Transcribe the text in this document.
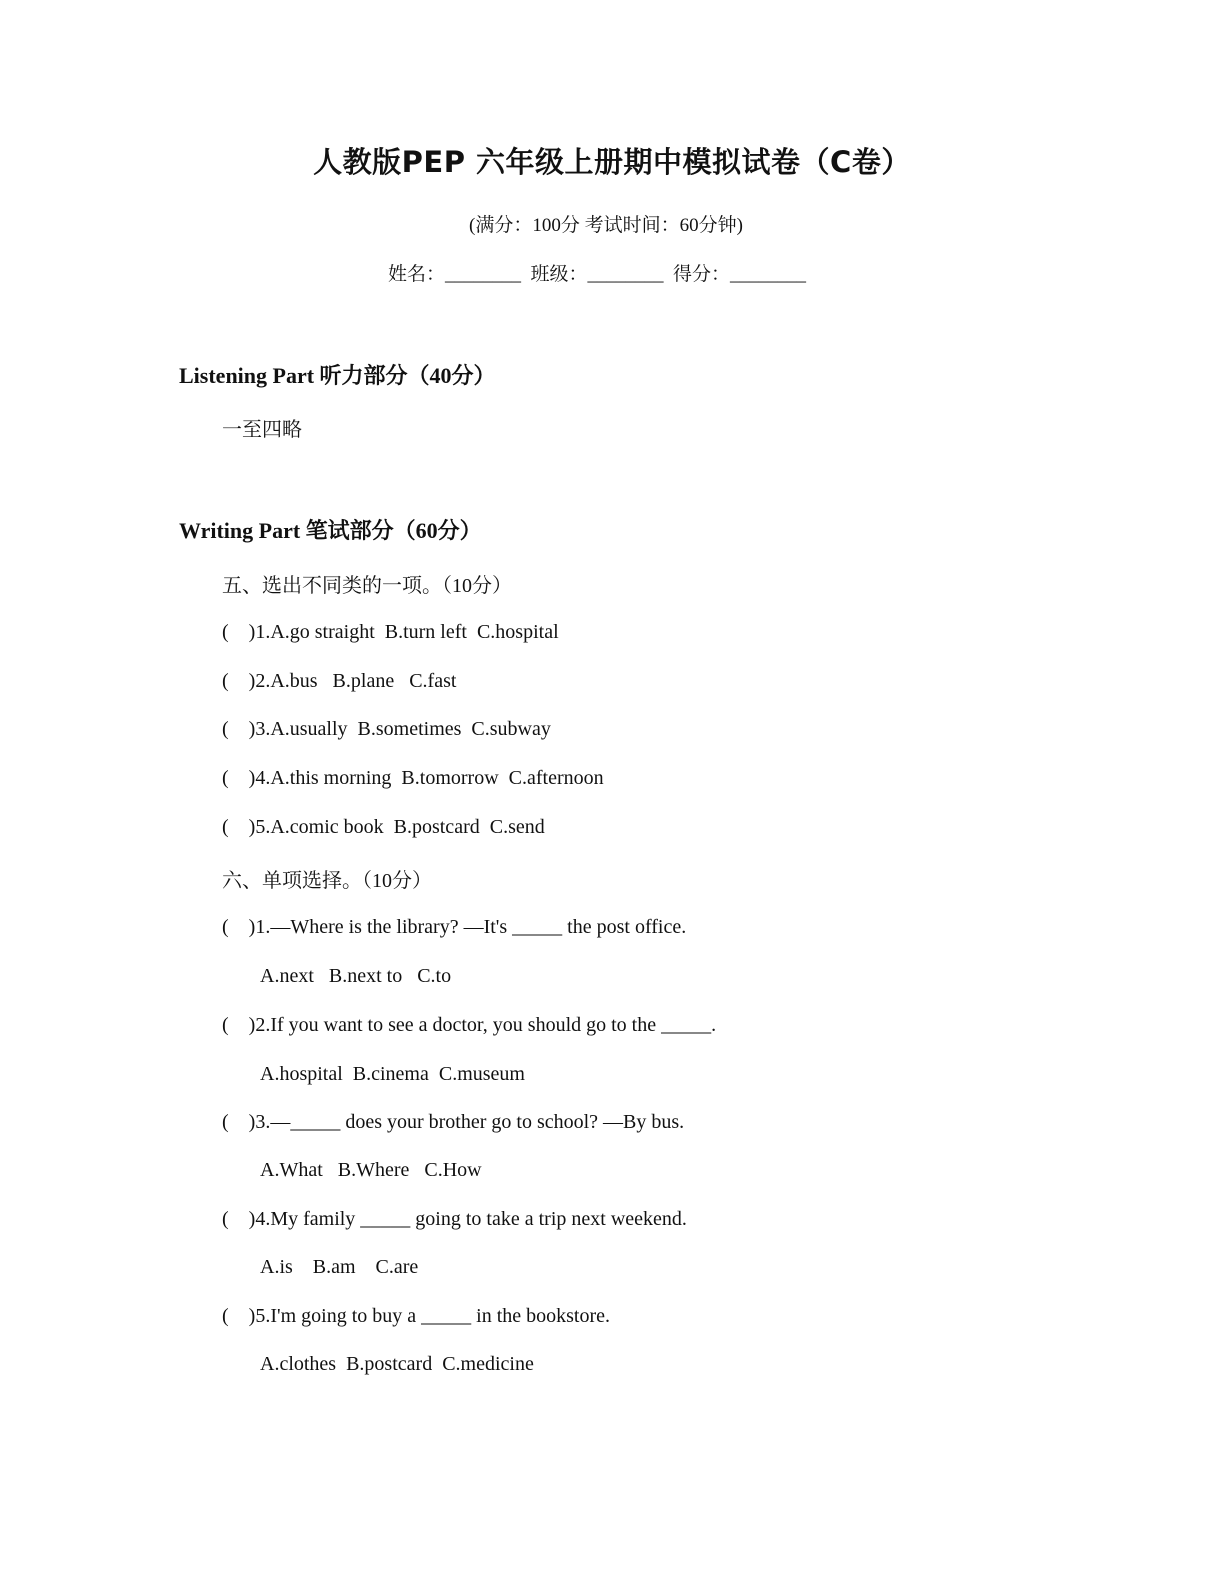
人教版PEP 六年级上册期中模拟试卷（C卷）
(满分：100分 考试时间：60分钟)
姓名：________  班级：________  得分：________
Listening Part 听力部分（40分）
一至四略
Writing Part 笔试部分（60分）
五、选出不同类的一项。（10分）
(    )1.A.go straight  B.turn left  C.hospital
(    )2.A.bus   B.plane   C.fast
(    )3.A.usually  B.sometimes  C.subway
(    )4.A.this morning  B.tomorrow  C.afternoon
(    )5.A.comic book  B.postcard  C.send
六、单项选择。（10分）
(    )1.—Where is the library? —It's _____ the post office.
A.next   B.next to   C.to
(    )2.If you want to see a doctor, you should go to the _____.
A.hospital  B.cinema  C.museum
(    )3.—_____ does your brother go to school? —By bus.
A.What   B.Where   C.How
(    )4.My family _____ going to take a trip next weekend.
A.is    B.am    C.are
(    )5.I'm going to buy a _____ in the bookstore.
A.clothes  B.postcard  C.medicine
